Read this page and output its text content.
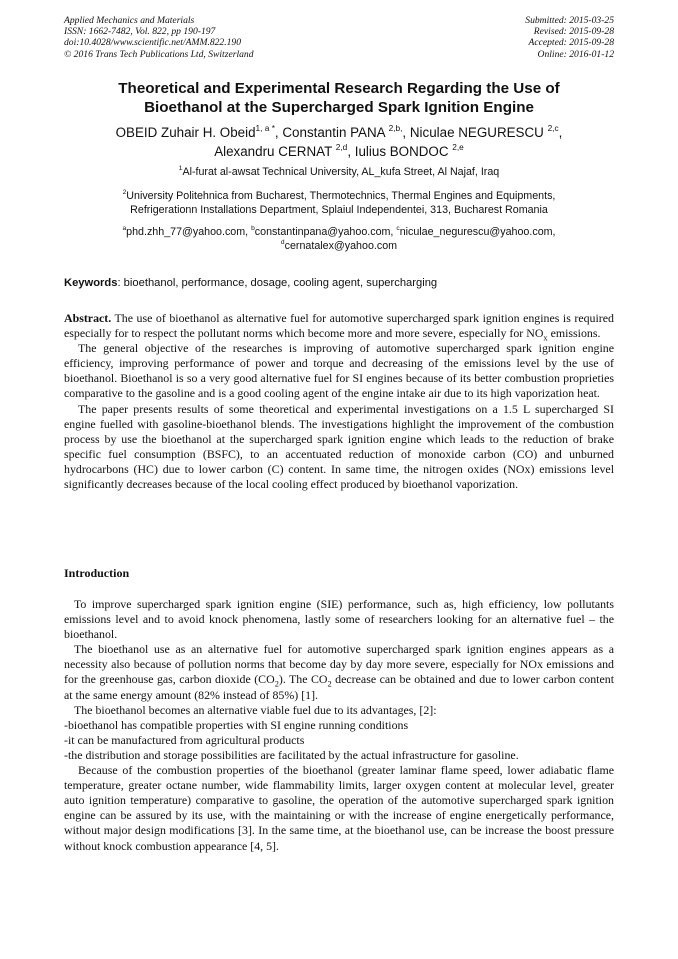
Applied Mechanics and Materials
ISSN: 1662-7482, Vol. 822, pp 190-197
doi:10.4028/www.scientific.net/AMM.822.190
© 2016 Trans Tech Publications Ltd, Switzerland
Submitted: 2015-03-25
Revised: 2015-09-28
Accepted: 2015-09-28
Online: 2016-01-12
Theoretical and Experimental Research Regarding the Use of
Bioethanol at the Supercharged Spark Ignition Engine
OBEID Zuhair H. Obeid$^{1, a *}$, Constantin PANA $^{2,b,}$, Niculae NEGURESCU $^{2,c}$,
Alexandru CERNAT $^{2,d}$, Iulius BONDOC $^{2,e}$
$^1$Al-furat al-awsat Technical University, AL_kufa Street, Al Najaf, Iraq
$^2$University Politehnica from Bucharest, Thermotechnics, Thermal Engines and Equipments,
Refrigerationn Installations Department, Splaiul Independentei, 313, Bucharest Romania
$^a$phd.zhh_77@yahoo.com, $^b$constantinpana@yahoo.com, $^c$niculae_negurescu@yahoo.com,
$^d$cernatalex@yahoo.com
Keywords: bioethanol, performance, dosage, cooling agent, supercharging

Abstract. The use of bioethanol as alternative fuel for automotive supercharged spark ignition engines is required especially for to respect the pollutant norms which become more and more severe, especially for $NO_x$ emissions.

The general objective of the researches is improving of automotive supercharged spark ignition engine efficiency, improving performance of power and torque and decreasing of the emissions level by the use of bioethanol. Bioethanol is so a very good alternative fuel for SI engines because of its better combustion proprieties comparative to the gasoline and is a good cooling agent of the engine intake air due to its high vaporization heat.

The paper presents results of some theoretical and experimental investigations on a 1.5 L supercharged SI engine fuelled with gasoline-bioethanol blends. The investigations highlight the improvement of the combustion process by use the bioethanol at the supercharged spark ignition engine which leads to the reduction of brake specific fuel consumption (BSFC), to an accentuated reduction of monoxide carbon (CO) and unburned hydrocarbons (HC) due to lower carbon (C) content. In same time, the nitrogen oxides (NOx) emissions level significantly decreases because of the local cooling effect produced by bioethanol vaporization.

Introduction

To improve supercharged spark ignition engine (SIE) performance, such as, high efficiency, low pollutants emissions level and to avoid knock phenomena, lastly some of researchers looking for an alternative fuel – the bioethanol.

The bioethanol use as an alternative fuel for automotive supercharged spark ignition engines appears as a necessity also because of pollution norms that become day by day more severe, especially for NOx emissions and for the greenhouse gas, carbon dioxide $(CO_2)$. The $CO_2$ decrease can be obtained and due to lower carbon content at the same energy amount (82% instead of 85%) [1].

The bioethanol becomes an alternative viable fuel due to its advantages, [2]:

-bioethanol has compatible properties with SI engine running conditions

-it can be manufactured from agricultural products

-the distribution and storage possibilities are facilitated by the actual infrastructure for gasoline.

Because of the combustion properties of the bioethanol (greater laminar flame speed, lower adiabatic flame temperature, greater octane number, wide flammability limits, larger oxygen content at molecular level, greater auto ignition temperature) comparative to gasoline, the operation of the automotive supercharged spark ignition engine can be assured by its use, with the maintaining or with the increase of engine energetically performance, without major design modifications [3]. In the same time, at the bioethanol use, can be increase the boost pressure without knock combustion appearance [4, 5].
